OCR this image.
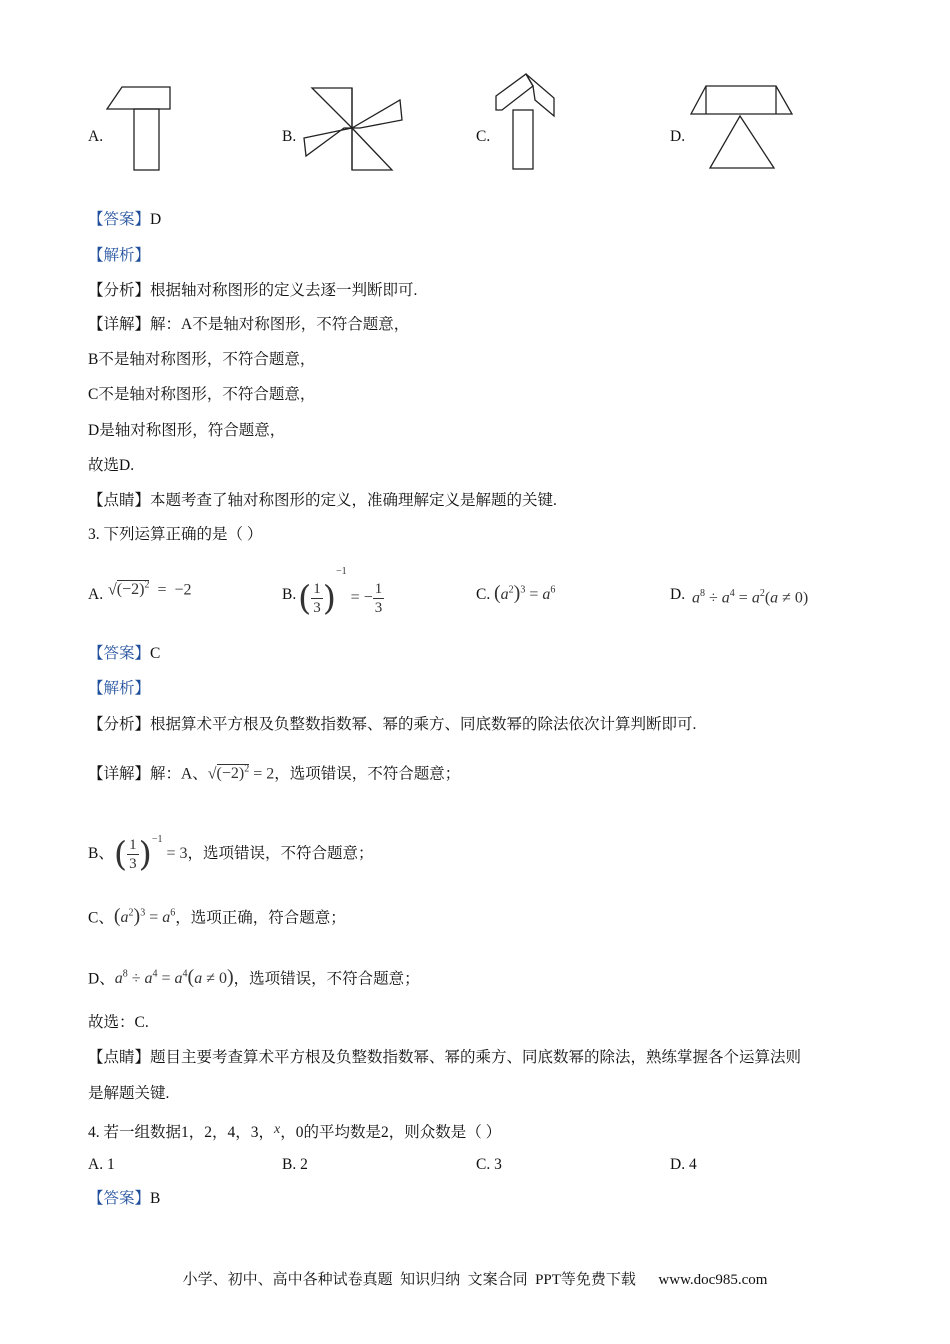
A.	B.	C.	D.
【答案】D
【解析】
【分析】根据轴对称图形的定义去逐一判断即可.
【详解】解：A不是轴对称图形，不符合题意，
B不是轴对称图形，不符合题意，
C不是轴对称图形，不符合题意，
D是轴对称图形，符合题意，
故选D.
【点睛】本题考查了轴对称图形的定义，准确理解定义是解题的关键.
3. 下列运算正确的是（ ）
A. $√(-2)^2 = -2$	B. ( $\frac{1}{3} )^{-1}$ = − $\frac{1}{3}$	C. $(a^2)^3 = a^6$	D. $a^8 \div a^4 = a^2(a \ne 0)$
【答案】C
【解析】
【分析】根据算术平方根及负整数指数幂、幂的乘方、同底数幂的除法依次计算判断即可.
【详解】解：A、$√(-2)^2 = 2$，选项错误，不符合题意；
B、( $\frac{1}{3} )^{-1} = 3$，选项错误，不符合题意；
C、$(a^2)^3 = a^6$，选项正确，符合题意；
D、$a^8 \div a^4 = a^4(a \ne 0)$，选项错误，不符合题意；
故选：C.
【点睛】题目主要考查算术平方根及负整数指数幂、幂的乘方、同底数幂的除法，熟练掌握各个运算法则
是解题关键.
4. 若一组数据1，2，4，3，x，0的平均数是2，则众数是（ ）
A. 1	B. 2	C. 3	D. 4
【答案】B
小学、初中、高中各种试卷真题  知识归纳  文案合同  PPT等免费下载      www.doc985.com
